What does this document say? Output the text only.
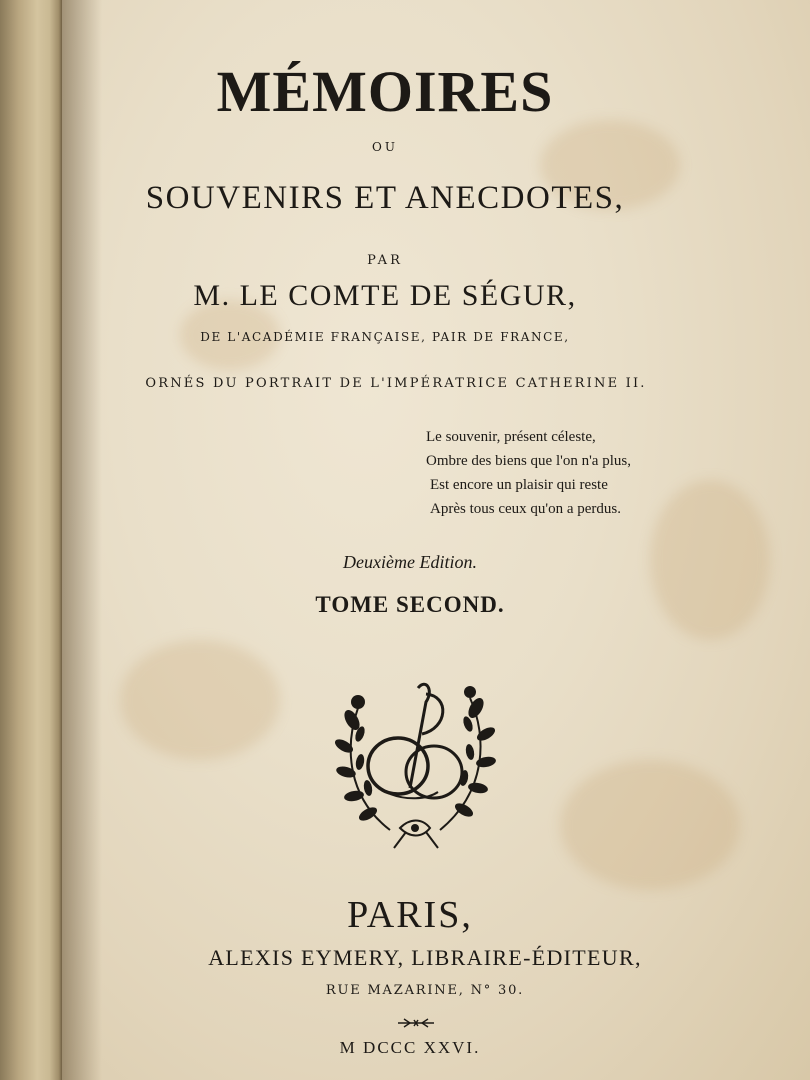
MÉMOIRES
OU
SOUVENIRS ET ANECDOTES,
PAR
M. LE COMTE DE SÉGUR,
DE L'ACADÉMIE FRANÇAISE, PAIR DE FRANCE,
ORNÉS DU PORTRAIT DE L'IMPÉRATRICE CATHERINE II.
Le souvenir, présent céleste,
Ombre des biens que l'on n'a plus,
Est encore un plaisir qui reste
Après tous ceux qu'on a perdus.
Deuxième Edition.
TOME SECOND.
PARIS,
ALEXIS EYMERY, LIBRAIRE-ÉDITEUR,
RUE MAZARINE, N° 30.
M DCCC XXVI.
